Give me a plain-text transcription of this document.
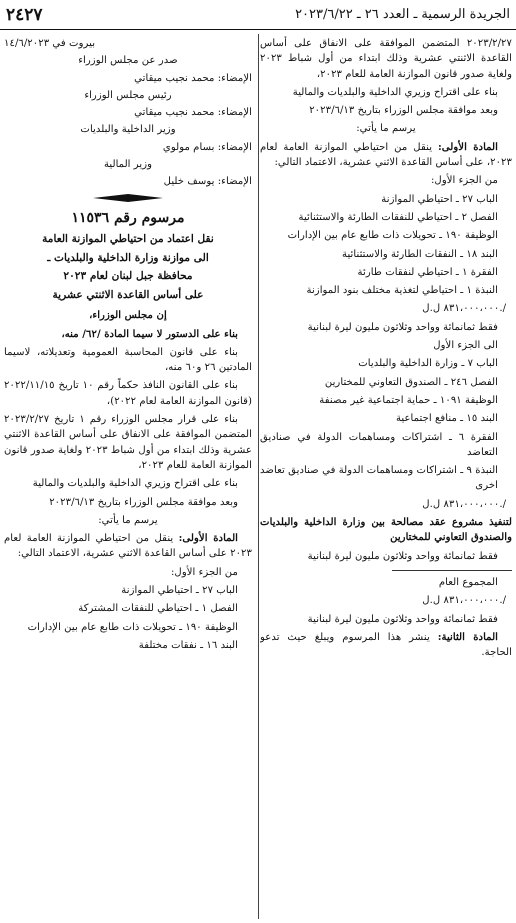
الجريدة الرسمية ـ العدد ٢٦ ـ ٢٠٢٣/٦/٢٢
٢٤٢٧

٢٠٢٣/٢/٢٧ المتضمن الموافقة على الانفاق على أساس القاعدة الاثنتي عشرية وذلك ابتداء من أول شباط ٢٠٢٣ ولغاية صدور قانون الموازنة العامة للعام ٢٠٢٣،

بناء على اقتراح وزيري الداخلية والبلديات والمالية

وبعد موافقة مجلس الوزراء بتاريخ ٢٠٢٣/٦/١٣

يرسم ما يأتي:

المادة الأولى: ينقل من احتياطي الموازنة العامة لعام ٢٠٢٣، على أساس القاعدة الاثني عشرية، الاعتماد التالي:

من الجزء الأول:

الباب ٢٧ ـ احتياطي الموازنة

الفصل ٢ ـ احتياطي للنفقات الطارئة والاستثنائية

الوظيفة ١٩٠ ـ تحويلات ذات طابع عام بين الإدارات

البند ١٨ ـ النفقات الطارئة والاستثنائية

الفقرة ١ ـ احتياطي لنفقات طارئة

النبذة ١ ـ احتياطي لتغذية مختلف بنود الموازنة

٨٣١،٠٠٠،٠٠٠ ل.ل./

فقط ثمانمائة وواحد وثلاثون مليون ليرة لبنانية

الى الجزء الأول

الباب ٧ ـ وزارة الداخلية والبلديات

الفصل ٢٤٦ ـ الصندوق التعاوني للمختارين

الوظيفة ١٠٩١ ـ حماية اجتماعية غير مصنفة

البند ١٥ ـ منافع اجتماعية

الفقرة ٦ ـ اشتراكات ومساهمات الدولة في صناديق التعاضد

النبذة ٩ ـ اشتراكات ومساهمات الدولة في صناديق تعاضد اخرى

٨٣١،٠٠٠،٠٠٠ ل.ل./

لتنفيذ مشروع عقد مصالحة بين وزارة الداخلية والبلديات والصندوق التعاوني للمختارين

فقط ثمانمائة وواحد وثلاثون مليون ليرة لبنانية

المجموع العام

٨٣١،٠٠٠،٠٠٠ ل.ل./

فقط ثمانمائة وواحد وثلاثون مليون ليرة لبنانية

المادة الثانية: ينشر هذا المرسوم ويبلغ حيث تدعو الحاجة.

بيروت في ١٤/٦/٢٠٢٣

صدر عن مجلس الوزراء

الإمضاء: محمد نجيب ميقاتي

رئيس مجلس الوزراء

الإمضاء: محمد نجيب ميقاتي

وزير الداخلية والبلديات

الإمضاء: بسام مولوي

وزير المالية

الإمضاء: يوسف خليل

مرسوم رقم ١١٥٣٦

نقل اعتماد من احتياطي الموازنة العامة

الى موازنة وزارة الداخلية والبلديات ـ

محافظة جبل لبنان لعام ٢٠٢٣

على أساس القاعدة الاثنتي عشرية

إن مجلس الوزراء،

بناء على الدستور لا سيما المادة /٦٢/ منه،

بناء على قانون المحاسبة العمومية وتعديلاته، لاسيما المادتين ٢٦ و٦٠ منه،

بناء على القانون النافذ حكماً رقم ١٠ تاريخ ٢٠٢٢/١١/١٥ (قانون الموازنة العامة لعام ٢٠٢٢)،

بناء على قرار مجلس الوزراء رقم ١ تاريخ ٢٠٢٣/٢/٢٧ المتضمن الموافقة على الانفاق على أساس القاعدة الاثنتي عشرية وذلك ابتداء من أول شباط ٢٠٢٣ ولغاية صدور قانون الموازنة العامة للعام ٢٠٢٣،

بناء على اقتراح وزيري الداخلية والبلديات والمالية

وبعد موافقة مجلس الوزراء بتاريخ ٢٠٢٣/٦/١٣

يرسم ما يأتي:

المادة الأولى: ينقل من احتياطي الموازنة العامة لعام ٢٠٢٣ على أساس القاعدة الاثني عشرية، الاعتماد التالي:

من الجزء الأول:

الباب ٢٧ ـ احتياطي الموازنة

الفصل ١ ـ احتياطي للنفقات المشتركة

الوظيفة ١٩٠ ـ تحويلات ذات طابع عام بين الإدارات

البند ١٦ ـ نفقات مختلفة
